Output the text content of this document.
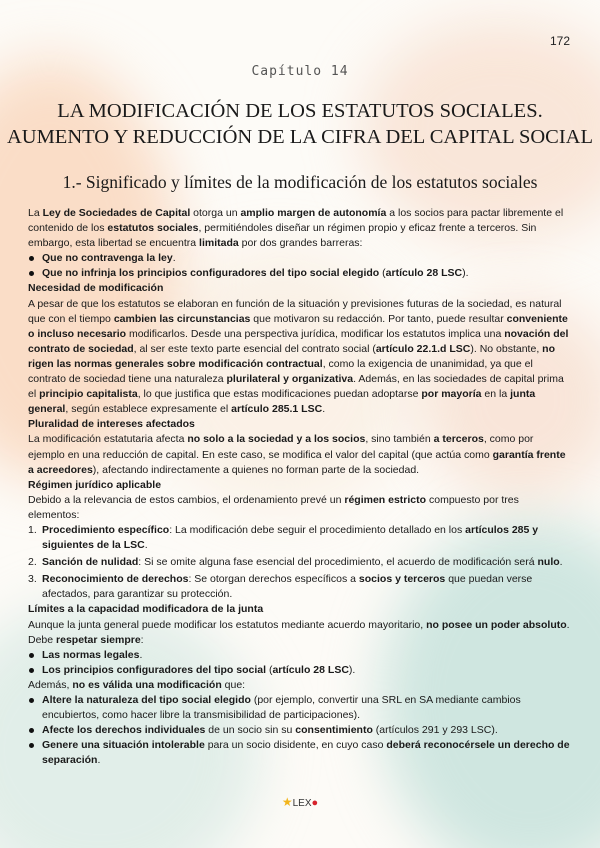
172
Capítulo 14
LA MODIFICACIÓN DE LOS ESTATUTOS SOCIALES.
AUMENTO Y REDUCCIÓN DE LA CIFRA DEL CAPITAL SOCIAL
1.- Significado y límites de la modificación de los estatutos sociales

La Ley de Sociedades de Capital otorga un amplio margen de autonomía a los socios para pactar libremente el contenido de los estatutos sociales, permitiéndoles diseñar un régimen propio y eficaz frente a terceros. Sin embargo, esta libertad se encuentra limitada por dos grandes barreras:

Que no contravenga la ley.
Que no infrinja los principios configuradores del tipo social elegido (artículo 28 LSC).
Necesidad de modificación

A pesar de que los estatutos se elaboran en función de la situación y previsiones futuras de la sociedad, es natural que con el tiempo cambien las circunstancias que motivaron su redacción. Por tanto, puede resultar conveniente o incluso necesario modificarlos. Desde una perspectiva jurídica, modificar los estatutos implica una novación del contrato de sociedad, al ser este texto parte esencial del contrato social (artículo 22.1.d LSC). No obstante, no rigen las normas generales sobre modificación contractual, como la exigencia de unanimidad, ya que el contrato de sociedad tiene una naturaleza plurilateral y organizativa. Además, en las sociedades de capital prima el principio capitalista, lo que justifica que estas modificaciones puedan adoptarse por mayoría en la junta general, según establece expresamente el artículo 285.1 LSC.

Pluralidad de intereses afectados

La modificación estatutaria afecta no solo a la sociedad y a los socios, sino también a terceros, como por ejemplo en una reducción de capital. En este caso, se modifica el valor del capital (que actúa como garantía frente a acreedores), afectando indirectamente a quienes no forman parte de la sociedad.

Régimen jurídico aplicable

Debido a la relevancia de estos cambios, el ordenamiento prevé un régimen estricto compuesto por tres elementos:

1. Procedimiento específico: La modificación debe seguir el procedimiento detallado en los artículos 285 y siguientes de la LSC.
2. Sanción de nulidad: Si se omite alguna fase esencial del procedimiento, el acuerdo de modificación será nulo.
3. Reconocimiento de derechos: Se otorgan derechos específicos a socios y terceros que puedan verse afectados, para garantizar su protección.
Límites a la capacidad modificadora de la junta

Aunque la junta general puede modificar los estatutos mediante acuerdo mayoritario, no posee un poder absoluto. Debe respetar siempre:

Las normas legales.
Los principios configuradores del tipo social (artículo 28 LSC).

Además, no es válida una modificación que:

Altere la naturaleza del tipo social elegido (por ejemplo, convertir una SRL en SA mediante cambios encubiertos, como hacer libre la transmisibilidad de participaciones).
Afecte los derechos individuales de un socio sin su consentimiento (artículos 291 y 293 LSC).
Genere una situación intolerable para un socio disidente, en cuyo caso deberá reconocérsele un derecho de separación.
★LEX●
